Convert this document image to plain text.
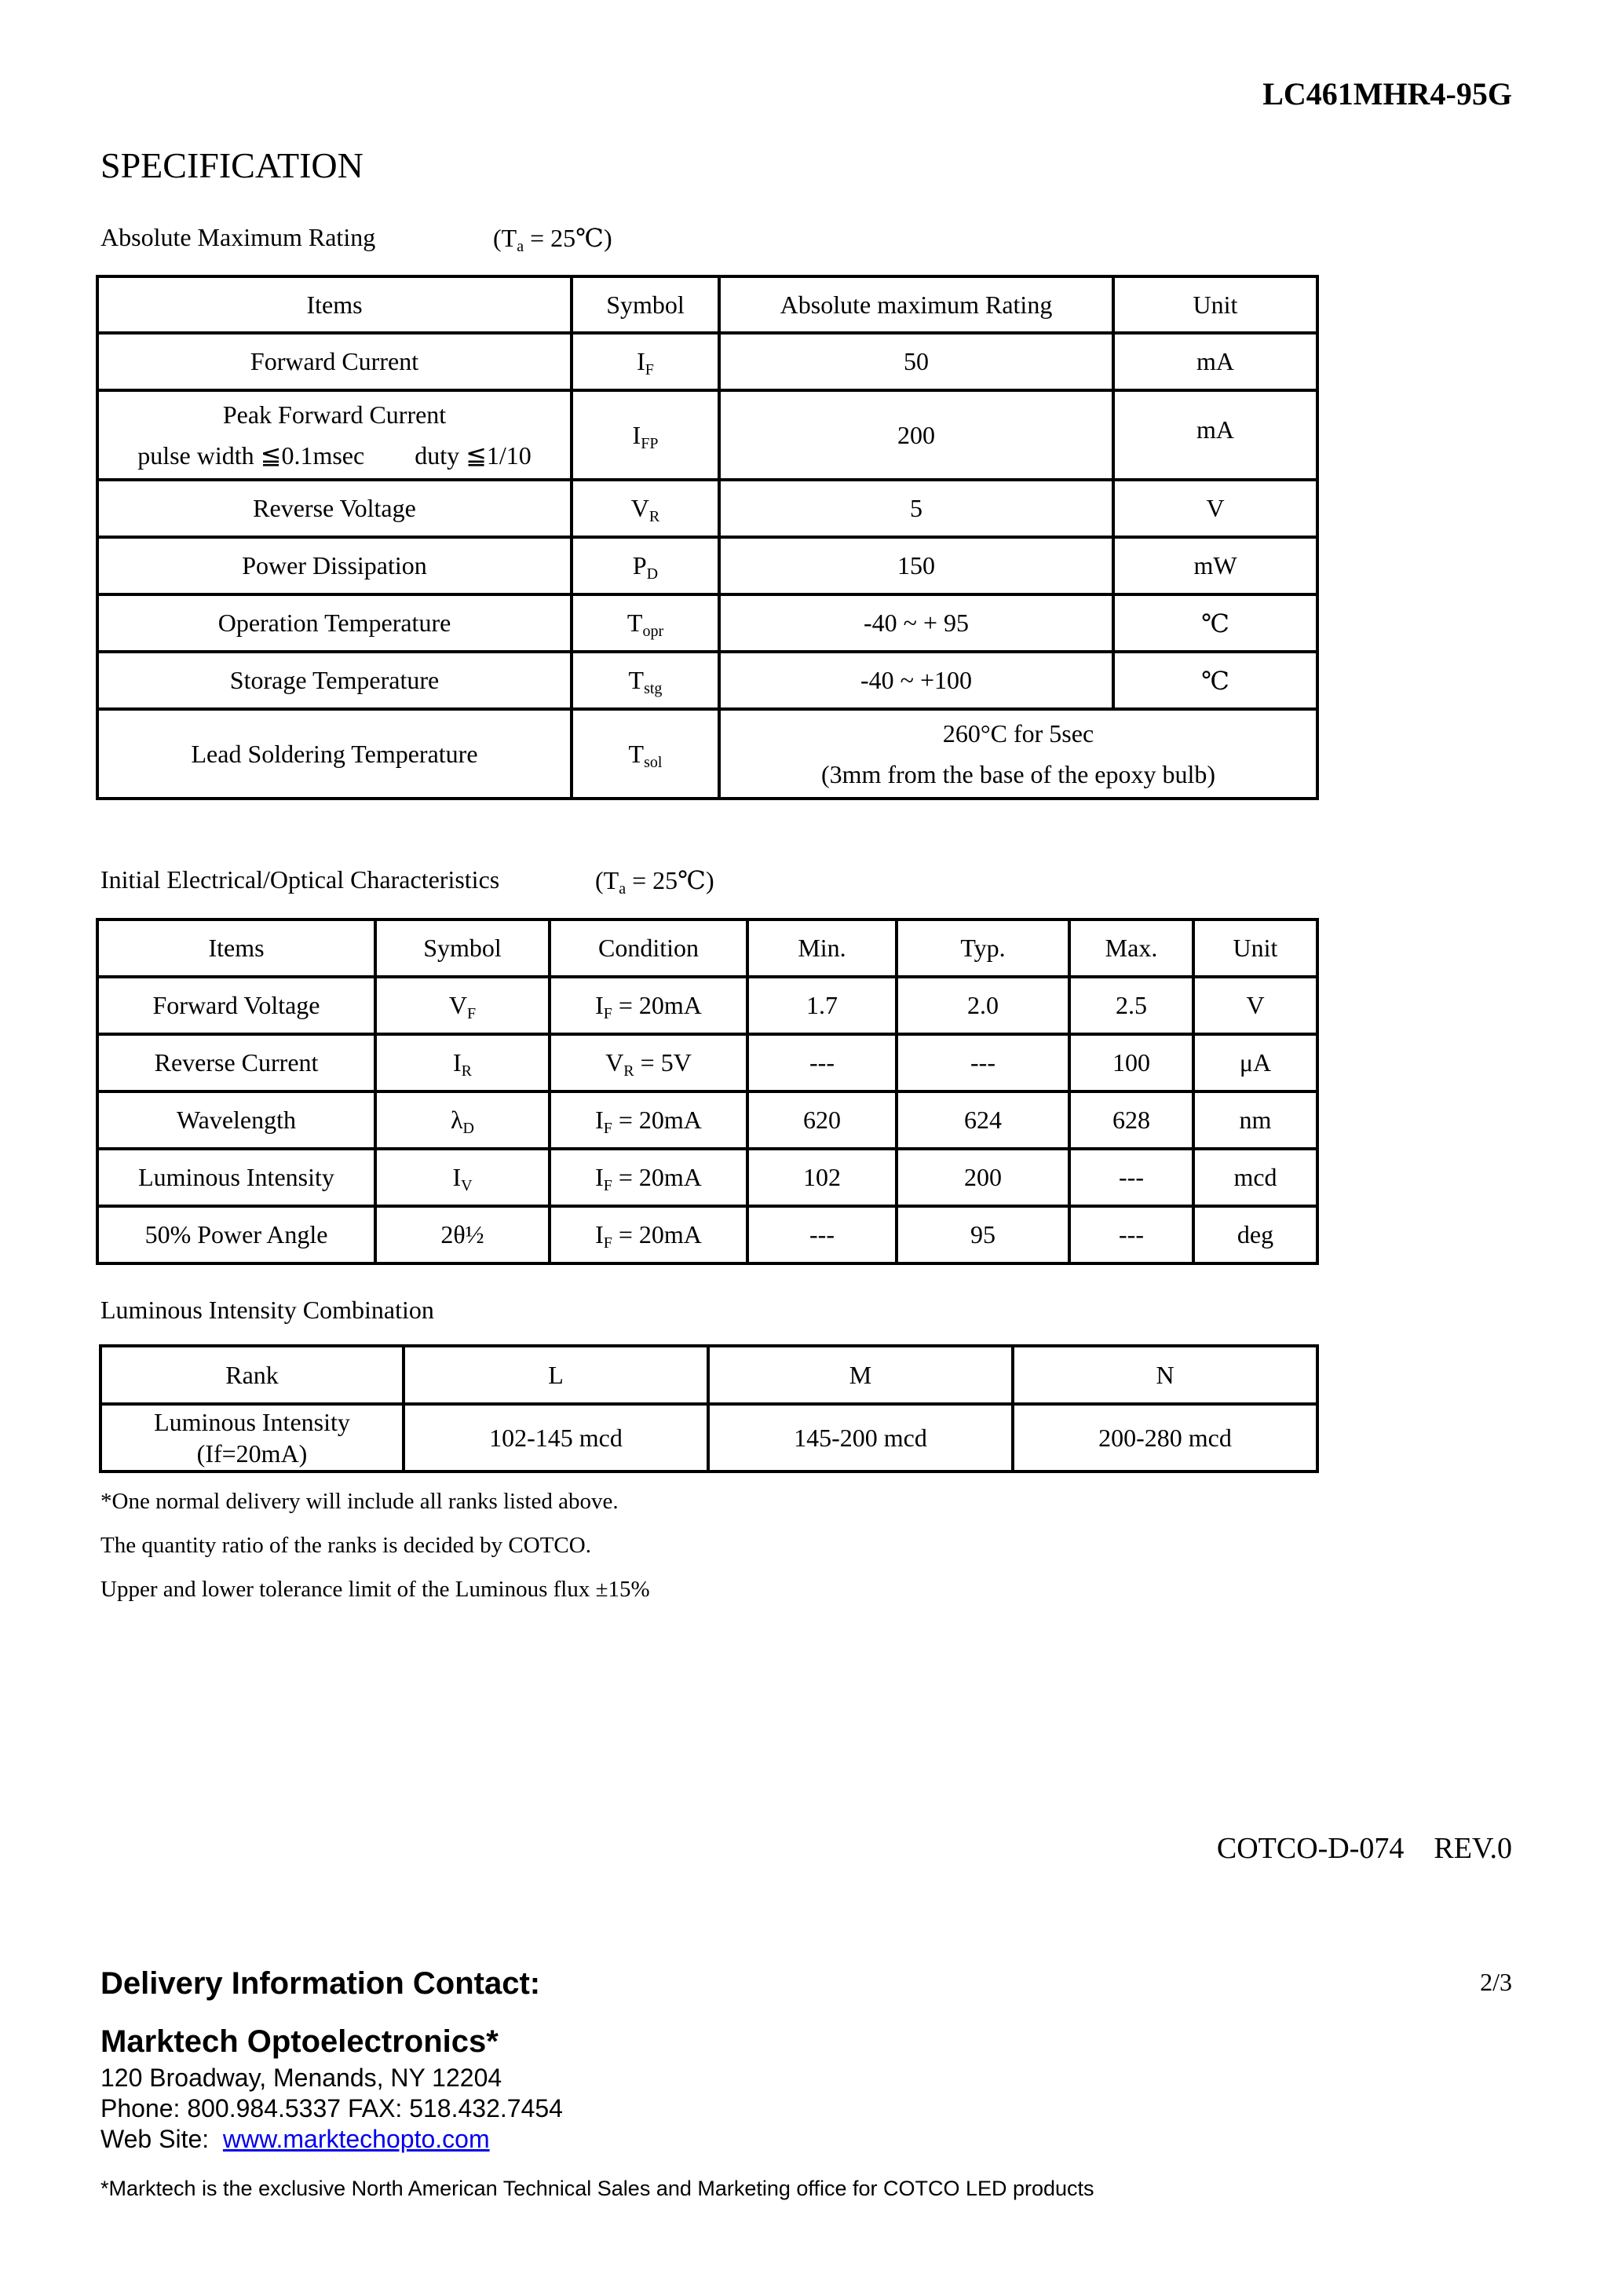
LC461MHR4-95G
SPECIFICATION
Absolute Maximum Rating	($T_a$ = 25℃)
Items	Symbol	Absolute maximum Rating	Unit
Forward Current	$I_F$	50	mA

Peak Forward Current
pulse width ≦0.1msec　　duty ≦1/10	$I_{FP}$	200	mA
Reverse Voltage	$V_R$	5	V
Power Dissipation	$P_D$	150	mW
Operation Temperature	$T_{opr}$	-40 ~ + 95	℃
Storage Temperature	$T_{stg}$	-40 ~ +100	℃
Lead Soldering Temperature	$T_{sol}$	260°C for 5sec
(3mm from the base of the epoxy bulb)	
Initial Electrical/Optical Characteristics	($T_a$ = 25℃)
Items	Symbol	Condition	Min.	Typ.	Max.	Unit
Forward Voltage	$V_F$	$I_F = 20mA$	1.7	2.0	2.5	V
Reverse Current	$I_R$	$V_R = 5V$	---	---	100	μA
Wavelength	$\lambda_D$	$I_F = 20mA$	620	624	628	nm
Luminous Intensity	$I_V$	$I_F = 20mA$	102	200	---	mcd
50% Power Angle	2θ½	$I_F = 20mA$	---	95	---	deg
Luminous Intensity Combination
Rank	L	M	N

Luminous Intensity
(If=20mA)	102-145 mcd	145-200 mcd	200-280 mcd
*One normal delivery will include all ranks listed above.
The quantity ratio of the ranks is decided by COTCO.
Upper and lower tolerance limit of the Luminous flux ±15%
COTCO-D-074　REV.0
2/3
Delivery Information Contact:
Marktech Optoelectronics*
120 Broadway, Menands, NY 12204
Phone: 800.984.5337 FAX: 518.432.7454
Web Site:  www.marktechopto.com
*Marktech is the exclusive North American Technical Sales and Marketing office for COTCO LED products
